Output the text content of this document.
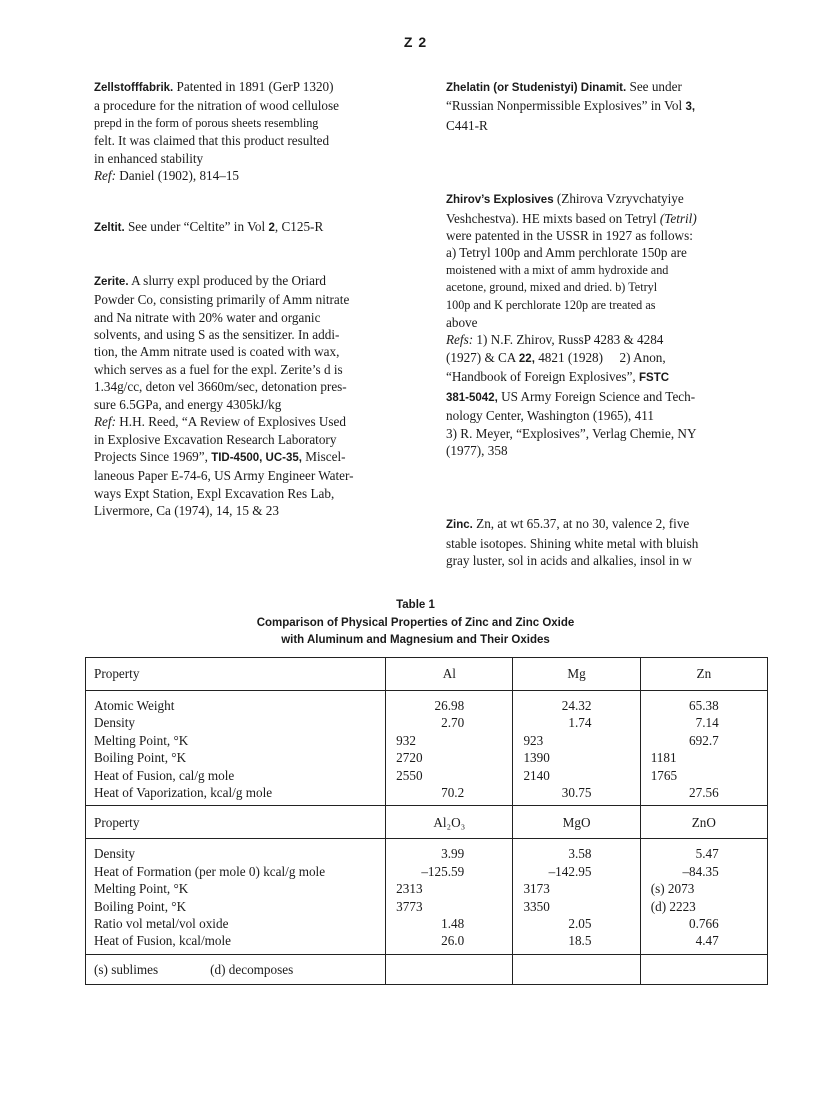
Z 2
Zellstofffabrik. Patented in 1891 (GerP 1320)
a procedure for the nitration of wood cellulose
prepd in the form of porous sheets resembling
felt. It was claimed that this product resulted
in enhanced stability
Ref: Daniel (1902), 814–15
Zeltit. See under “Celtite” in Vol 2, C125-R
Zerite. A slurry expl produced by the Oriard
Powder Co, consisting primarily of Amm nitrate
and Na nitrate with 20% water and organic
solvents, and using S as the sensitizer. In addi-
tion, the Amm nitrate used is coated with wax,
which serves as a fuel for the expl. Zerite’s d is
1.34g/cc, deton vel 3660m/sec, detonation pres-
sure 6.5GPa, and energy 4305kJ/kg
Ref: H.H. Reed, “A Review of Explosives Used
in Explosive Excavation Research Laboratory
Projects Since 1969”, TID-4500, UC-35, Miscel-
laneous Paper E-74-6, US Army Engineer Water-
ways Expt Station, Expl Excavation Res Lab,
Livermore, Ca (1974), 14, 15 & 23
Zhelatin (or Studenistyi) Dinamit. See under
“Russian Nonpermissible Explosives” in Vol 3,
C441-R
Zhirov’s Explosives (Zhirova Vzryvchatyiye
Veshchestva). HE mixts based on Tetryl (Tetril)
were patented in the USSR in 1927 as follows:
a) Tetryl 100p and Amm perchlorate 150p are
moistened with a mixt of amm hydroxide and
acetone, ground, mixed and dried. b) Tetryl
100p and K perchlorate 120p are treated as
above
Refs: 1) N.F. Zhirov, RussP 4283 & 4284
(1927) & CA 22, 4821 (1928) 2) Anon,
“Handbook of Foreign Explosives”, FSTC
381-5042, US Army Foreign Science and Tech-
nology Center, Washington (1965), 411
3) R. Meyer, “Explosives”, Verlag Chemie, NY
(1977), 358
Zinc. Zn, at wt 65.37, at no 30, valence 2, five
stable isotopes. Shining white metal with bluish
gray luster, sol in acids and alkalies, insol in w
Table 1
Comparison of Physical Properties of Zinc and Zinc Oxide
with Aluminum and Magnesium and Their Oxides
Property	Al	Mg	Zn
Atomic Weight	26.98	24.32	65.38
Density	2.70	1.74	7.14
Melting Point, °K	932	923	692.7
Boiling Point, °K	2720	1390	1181
Heat of Fusion, cal/g mole	2550	2140	1765
Heat of Vaporization, kcal/g mole	70.2	30.75	27.56
Property	Al₂O₃	MgO	ZnO
Density	3.99	3.58	5.47
Heat of Formation (per mole 0) kcal/g mole	–125.59	–142.95	–84.35
Melting Point, °K	2313	3173	(s) 2073
Boiling Point, °K	3773	3350	(d) 2223
Ratio vol metal/vol oxide	1.48	2.05	0.766
Heat of Fusion, kcal/mole	26.0	18.5	4.47
(s) sublimes (d) decomposes			
